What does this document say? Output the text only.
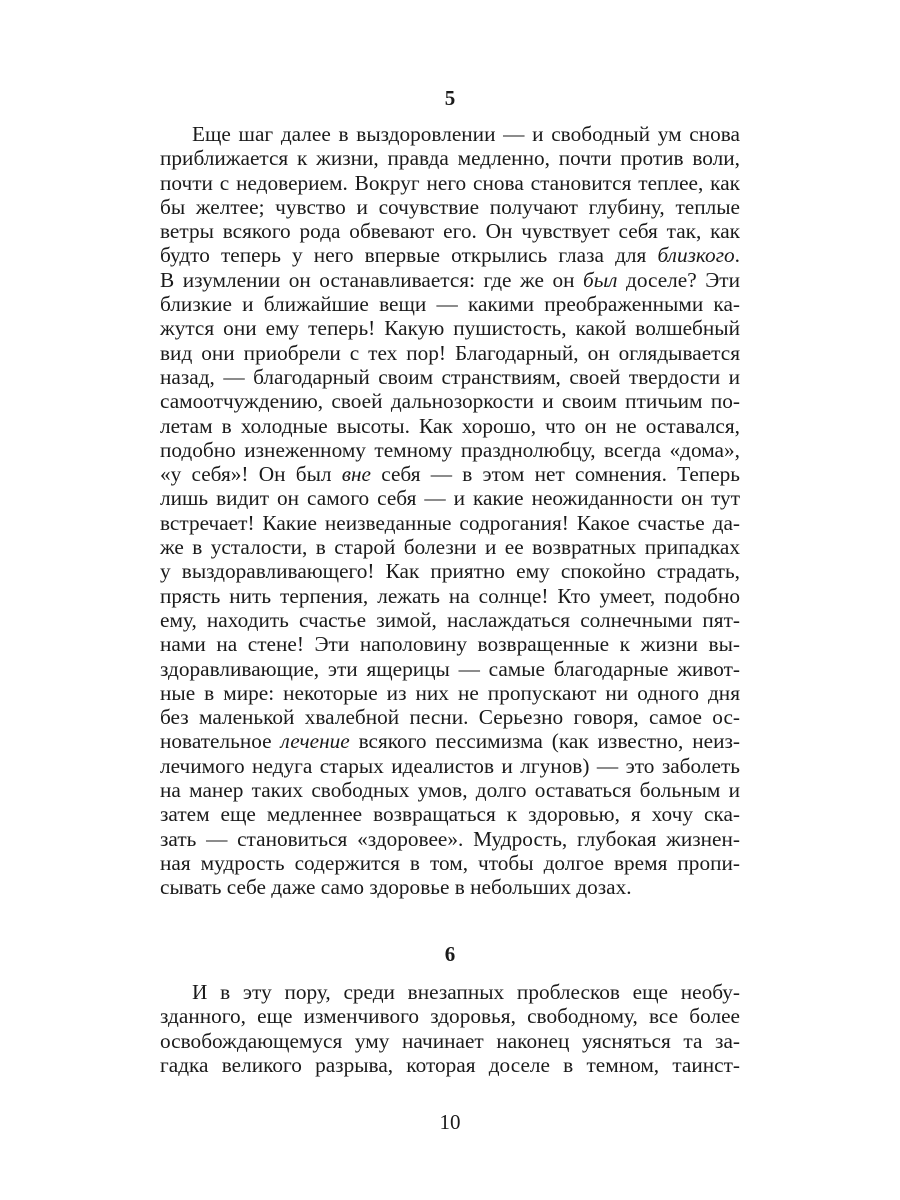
5
Еще шаг далее в выздоровлении — и свободный ум снова
приближается к жизни, правда медленно, почти против воли,
почти с недоверием. Вокруг него снова становится теплее, как
бы желтее; чувство и сочувствие получают глубину, теплые
ветры всякого рода обвевают его. Он чувствует себя так, как
будто теперь у него впервые открылись глаза для близкого.
В изумлении он останавливается: где же он был доселе? Эти
близкие и ближайшие вещи — какими преображенными ка-
жутся они ему теперь! Какую пушистость, какой волшебный
вид они приобрели с тех пор! Благодарный, он оглядывается
назад, — благодарный своим странствиям, своей твердости и
самоотчуждению, своей дальнозоркости и своим птичьим по-
летам в холодные высоты. Как хорошо, что он не оставался,
подобно изнеженному темному празднолюбцу, всегда «дома»,
«у себя»! Он был вне себя — в этом нет сомнения. Теперь
лишь видит он самого себя — и какие неожиданности он тут
встречает! Какие неизведанные содрогания! Какое счастье да-
же в усталости, в старой болезни и ее возвратных припадках
у выздоравливающего! Как приятно ему спокойно страдать,
прясть нить терпения, лежать на солнце! Кто умеет, подобно
ему, находить счастье зимой, наслаждаться солнечными пят-
нами на стене! Эти наполовину возвращенные к жизни вы-
здоравливающие, эти ящерицы — самые благодарные живот-
ные в мире: некоторые из них не пропускают ни одного дня
без маленькой хвалебной песни. Серьезно говоря, самое ос-
новательное лечение всякого пессимизма (как известно, неиз-
лечимого недуга старых идеалистов и лгунов) — это заболеть
на манер таких свободных умов, долго оставаться больным и
затем еще медленнее возвращаться к здоровью, я хочу ска-
зать — становиться «здоровее». Мудрость, глубокая жизнен-
ная мудрость содержится в том, чтобы долгое время пропи-
сывать себе даже само здоровье в небольших дозах.
6
И в эту пору, среди внезапных проблесков еще необу-
зданного, еще изменчивого здоровья, свободному, все более
освобождающемуся уму начинает наконец уясняться та за-
гадка великого разрыва, которая доселе в темном, таинст-
10
